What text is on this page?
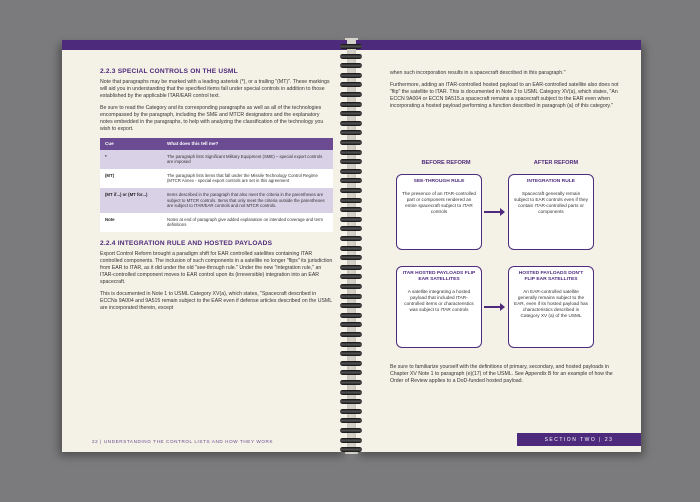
2.2.3 SPECIAL CONTROLS ON THE USML

Note that paragraphs may be marked with a leading asterisk (*), or a trailing "(MT)". These markings will aid you in understanding that the specified items fall under special controls in addition to those established by the applicable ITAR/EAR control text.

Be sure to read the Category and its corresponding paragraphs as well as all of the technologies encompassed by the paragraph, including the SME and MTCR designators and the explanatory notes embedded in the paragraphs, to help with analyzing the classification of the technology you wish to export.

Cue	What does this tell me?
*	The paragraph lists Significant Military Equipment (SME) – special export controls are imposed
(MT)	The paragraph lists items that fall under the Missile Technology Control Regime (MTCR Annex - special export controls are set in this agreement
(MT if...) or (MT for...)	Items described in the paragraph that also meet the criteria in the parentheses are subject to MTCR controls. Items that only meet the criteria outside the parentheses are subject to ITAR/EAR controls and not MTCR controls.
Note	Notes at end of paragraph give added explanation on intended coverage and term definitions
2.2.4 INTEGRATION RULE AND HOSTED PAYLOADS

Export Control Reform brought a paradigm shift for EAR controlled satellites containing ITAR controlled components. The inclusion of such components in a satellite no longer "flips" its jurisdiction from EAR to ITAR, as it did under the old "see-through rule." Under the new "integration rule," an ITAR-controlled component moves to EAR control upon its (irreversible) integration into an EAR spacecraft.

This is documented in Note 1 to USML Category XV(a), which states, "Spacecraft described in ECCNs 9A004 and 9A515 remain subject to the EAR even if defense articles described on the USML are incorporated therein, except

22 | UNDERSTANDING THE CONTROL LISTS AND HOW THEY WORK

when such incorporation results in a spacecraft described in this paragraph."

Furthermore, adding an ITAR-controlled hosted payload to an EAR-controlled satellite also does not "flip" the satellite to ITAR. This is documented in Note 2 to USML Category XV(a), which states, "An ECCN 9A004 or ECCN 9A515.a spacecraft remains a spacecraft subject to the EAR even when incorporating a hosted payload performing a function described in paragraph (a) of this category."

BEFORE REFORM	AFTER REFORM
SEE-THROUGH RULE
The presence of an ITAR-controlled part or component rendered an entire spacecraft subject to ITAR controls
INTEGRATION RULE
Spacecraft generally remain subject to EAR controls even if they contain ITAR-controlled parts or components
ITAR HOSTED PAYLOADS FLIP EAR SATELLITES
A satellite integrating a hosted payload that included ITAR-controlled items or characteristics was subject to ITAR controls
HOSTED PAYLOADS DON'T FLIP EAR SATELLITES
An EAR-controlled satellite generally remains subject to the EAR, even if its hosted payload has characteristics described in Category XV (a) of the USML

Be sure to familiarize yourself with the definitions of primary, secondary, and hosted payloads in Chapter XV Note 1 to paragraph (e)(17) of the USML. See Appendix B for an example of how the Order of Review applies to a DoD-funded hosted payload.

SECTION TWO | 23
